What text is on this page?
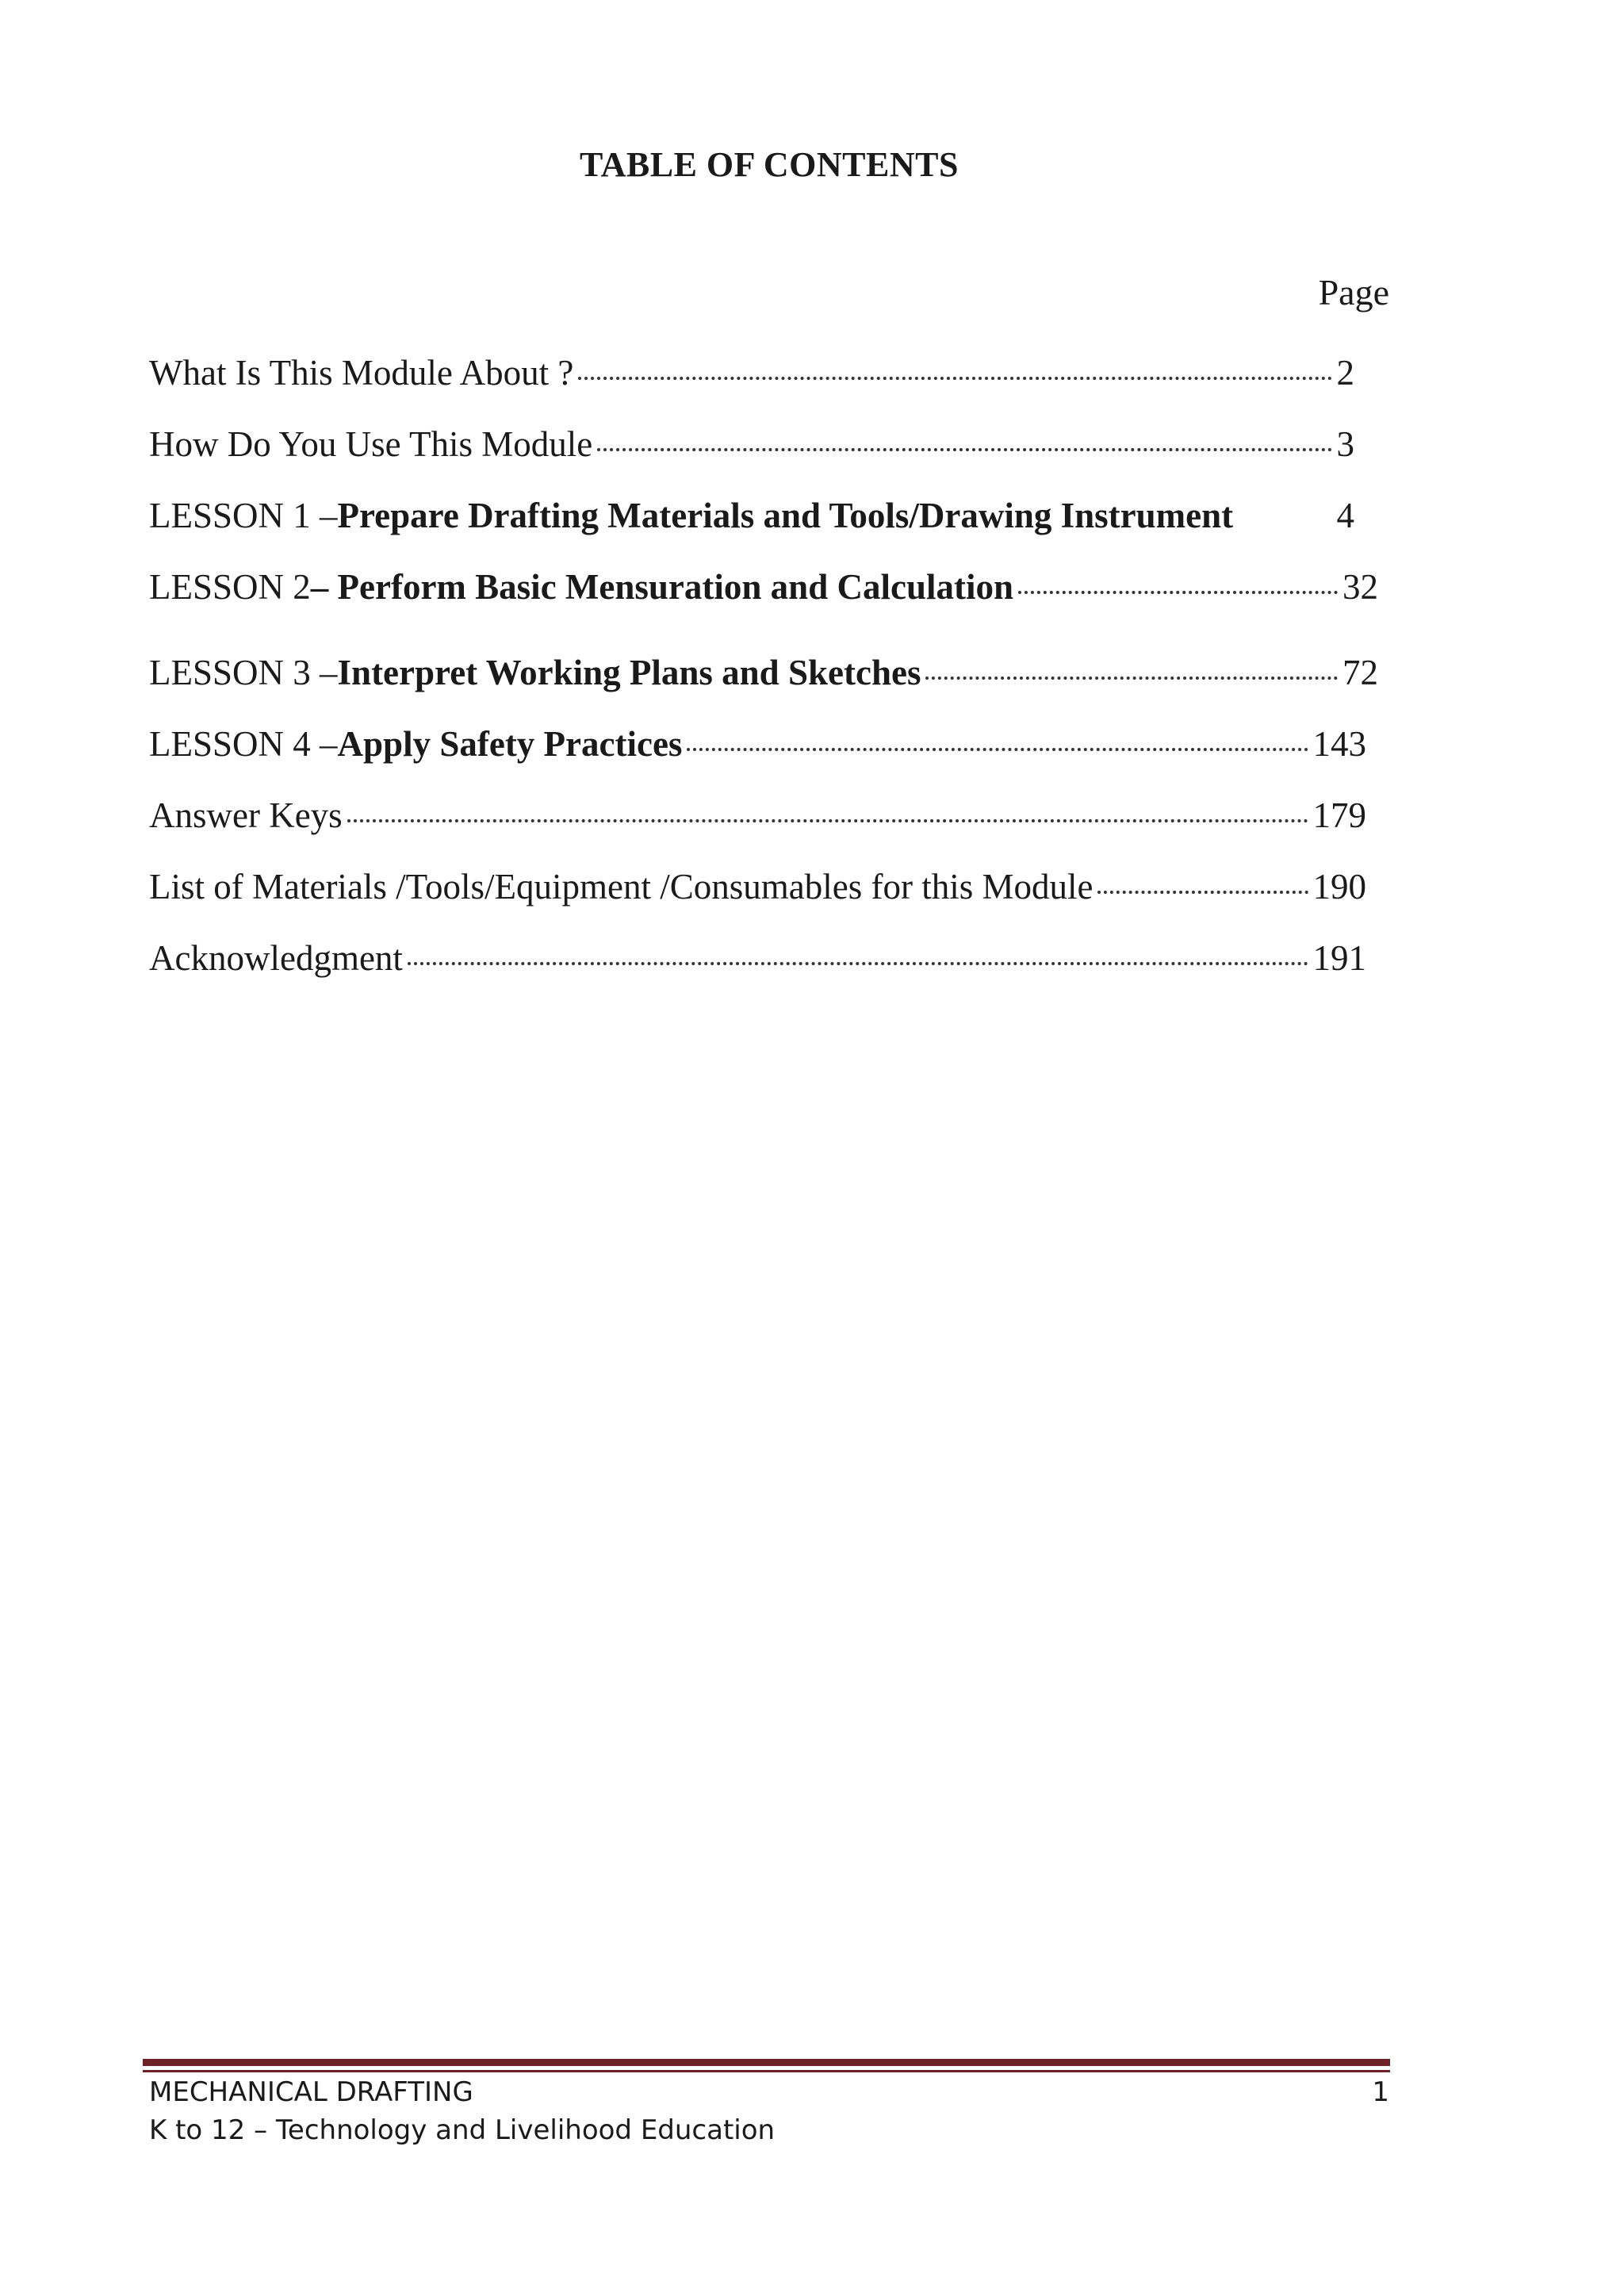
TABLE OF CONTENTS
Page
What Is This Module About ?	2
How Do You Use This Module	3
LESSON 1 – Prepare Drafting Materials and Tools/Drawing Instrument	4
LESSON 2 – Perform Basic Mensuration and Calculation	32
LESSON 3 – Interpret Working Plans and Sketches	72
LESSON 4 – Apply Safety Practices	143
Answer Keys	179
List of Materials /Tools/Equipment /Consumables for this Module	190
Acknowledgment	191
MECHANICAL DRAFTING
K to 12 – Technology and Livelihood Education
1
